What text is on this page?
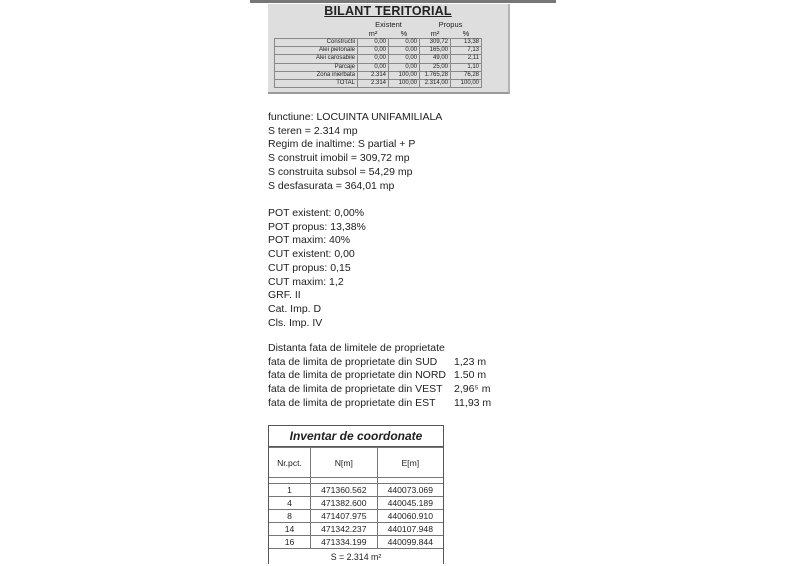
BILANT TERITORIAL
	Existent		Propus	
	m²	%	m²	%
Constructii	0,00	0,00	309,72	13,38
Alei pietonale	0,00	0,00	165,00	7,13
Alei carosabile	0,00	0,00	49,00	2,11
Parcaje	0,00	0,00	25,00	1,10
Zona inierbata	2.314	100,00	1.765,28	76,28
TOTAL	2.314	100,00	2.314,00	100,00
functiune: LOCUINTA UNIFAMILIALA
S teren = 2.314 mp
Regim de inaltime: S partial + P
S construit imobil = 309,72 mp
S construita subsol = 54,29 mp
S desfasurata = 364,01 mp
POT existent: 0,00%
POT propus: 13,38%
POT maxim: 40%
CUT existent: 0,00
CUT propus: 0,15
CUT maxim: 1,2
GRF. II
Cat. Imp. D
Cls. Imp. IV
Distanta fata de limitele de proprietate
fata de limita de proprietate din SUD 1,23 m
fata de limita de proprietate din NORD 1.50 m
fata de limita de proprietate din VEST 2,96⁵ m
fata de limita de proprietate din EST 11,93 m
Inventar de coordonate
Nr.pct.	N[m]	E[m]

1	471360.562	440073.069
4	471382.600	440045.189
8	471407.975	440060.910
14	471342.237	440107.948
16	471334.199	440099.844
S = 2.314 m²
